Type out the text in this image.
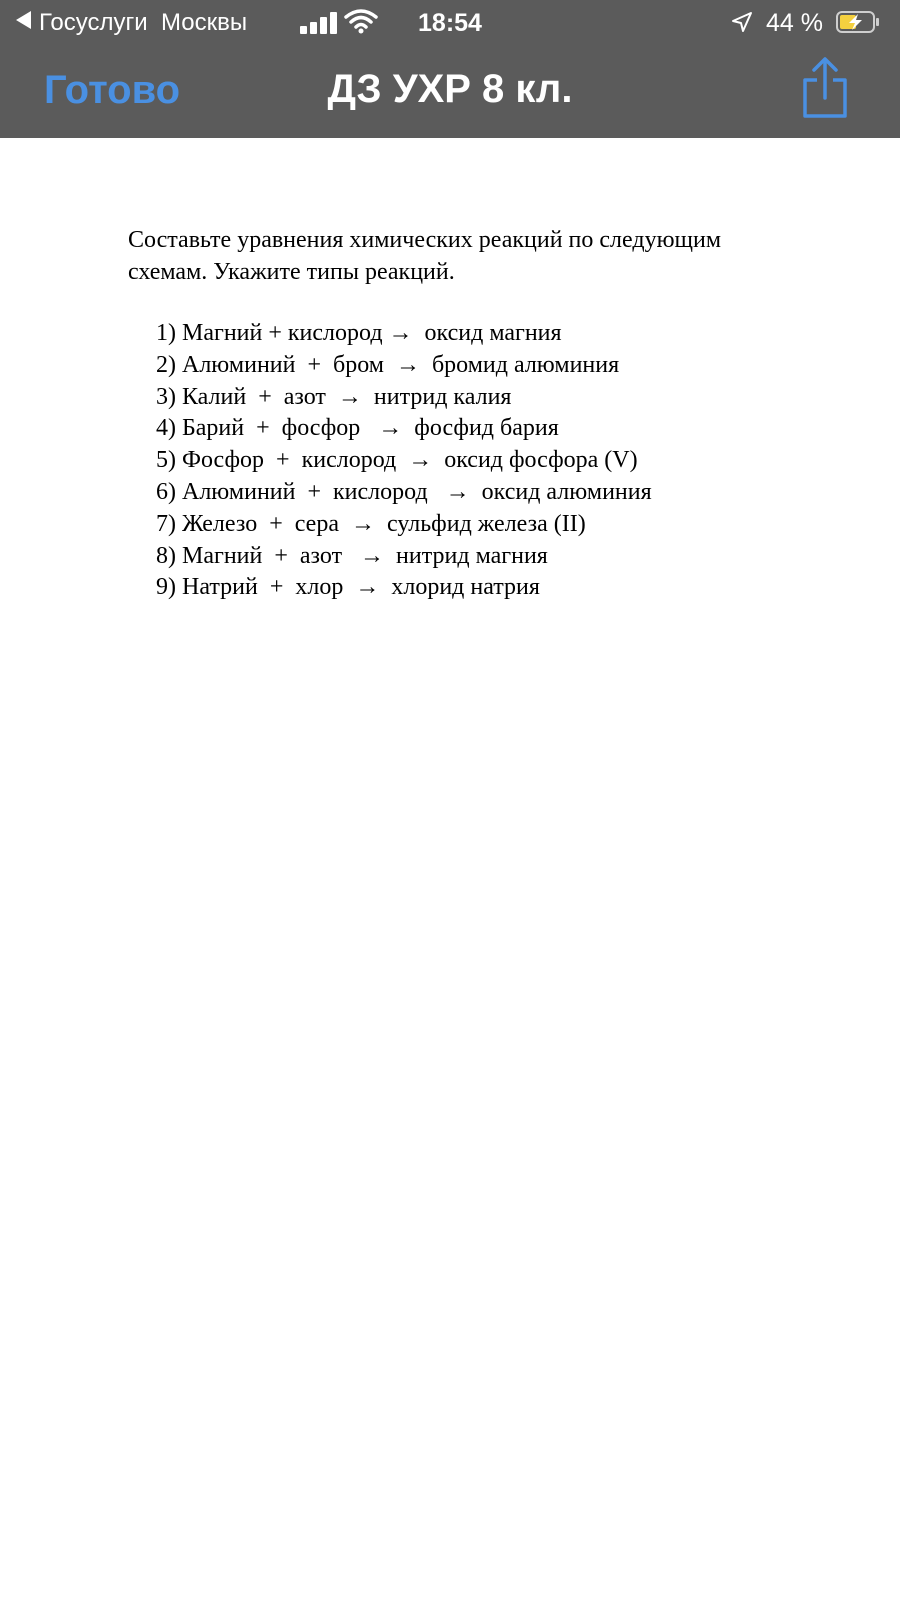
Госуслуги Москвы	18:54	44 %
Готово	ДЗ УХР 8 кл.

Составьте уравнения химических реакций по следующим
схемам. Укажите типы реакций.

1) Магний + кислород →  оксид магния
2) Алюминий  +  бром  →  бромид алюминия
3) Калий  +  азот  →  нитрид калия
4) Барий  +  фосфор   →  фосфид бария
5) Фосфор  +  кислород  →  оксид фосфора (V)
6) Алюминий  +  кислород   →  оксид алюминия
7) Железо  +  сера  →  сульфид железа (II)
8) Магний  +  азот   →  нитрид магния
9) Натрий  +  хлор  →  хлорид натрия
